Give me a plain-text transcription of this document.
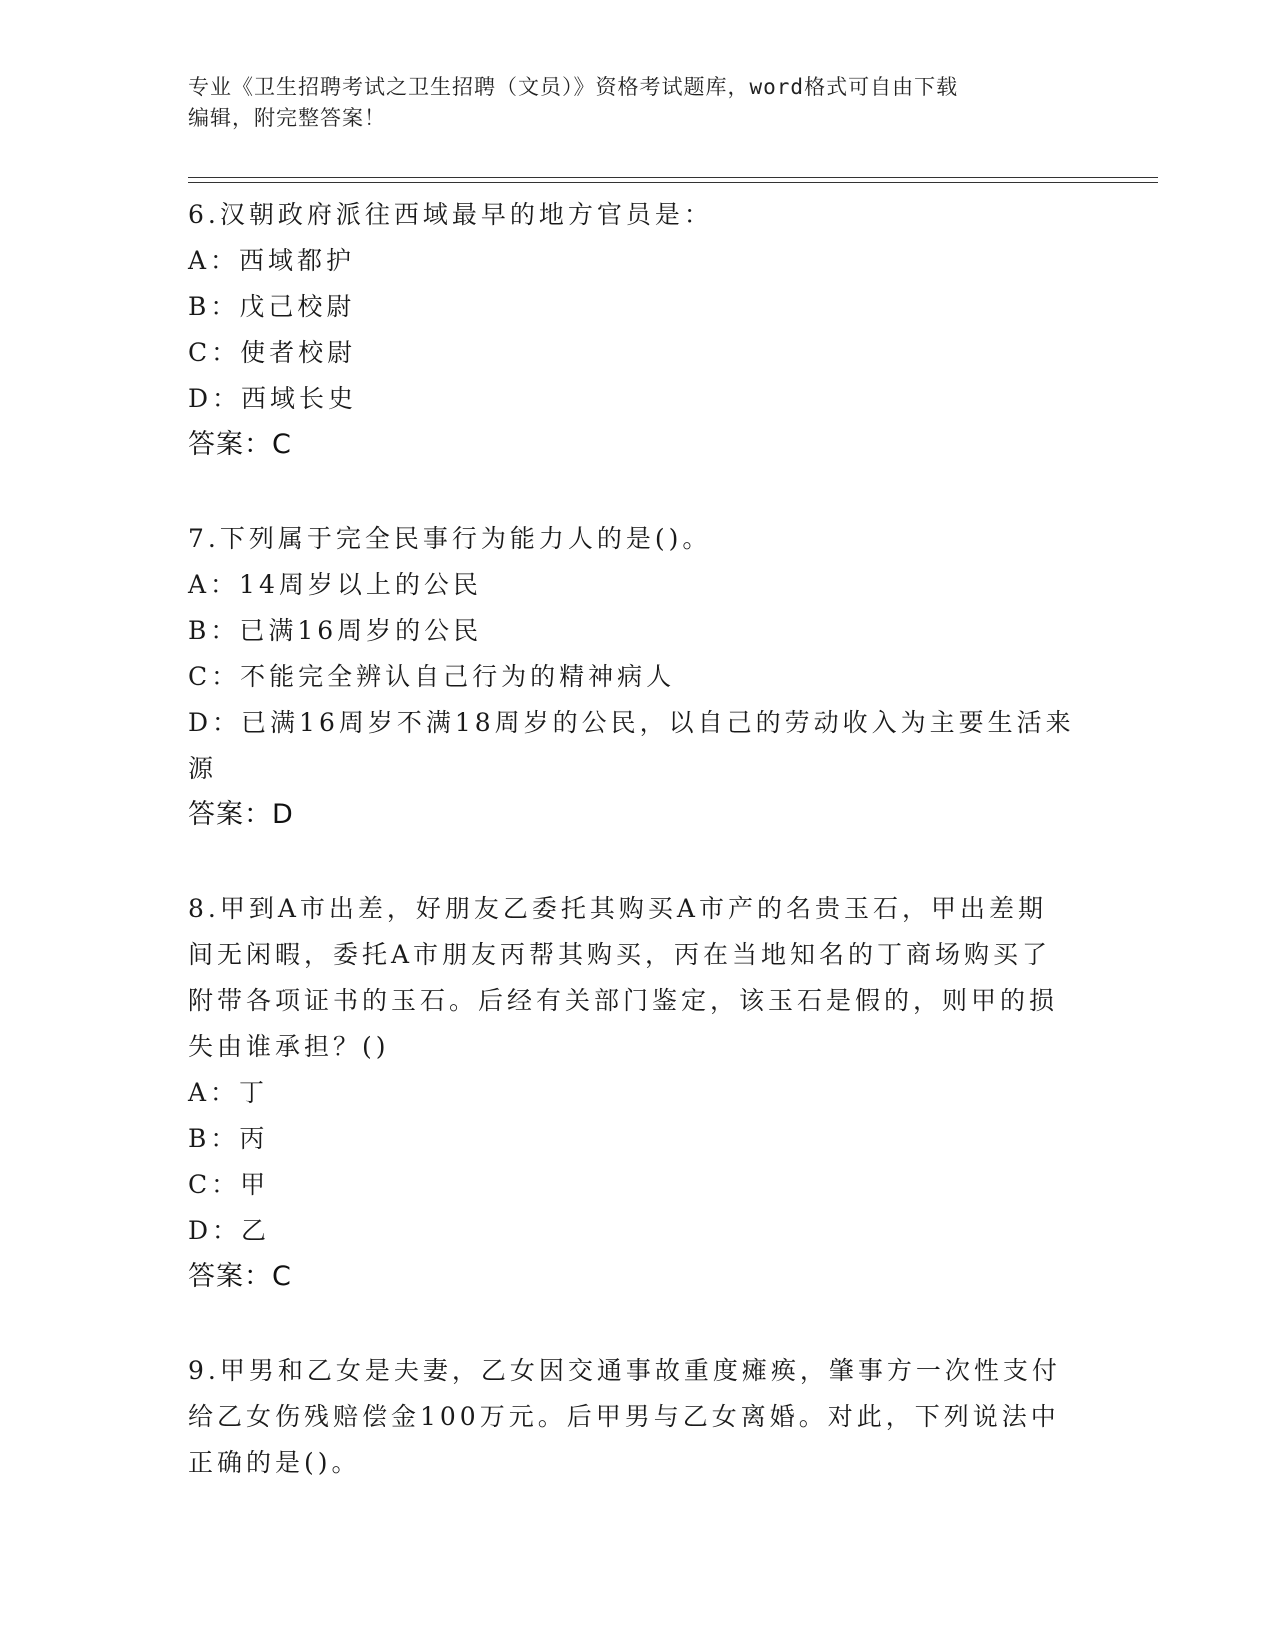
专业《卫生招聘考试之卫生招聘（文员）》资格考试题库，word格式可自由下载
编辑，附完整答案！
6.汉朝政府派往西域最早的地方官员是：
A：西域都护
B：戊己校尉
C：使者校尉
D：西域长史
答案：C
7.下列属于完全民事行为能力人的是()。
A：14周岁以上的公民
B：已满16周岁的公民
C：不能完全辨认自己行为的精神病人
D：已满16周岁不满18周岁的公民，以自己的劳动收入为主要生活来
源
答案：D
8.甲到A市出差，好朋友乙委托其购买A市产的名贵玉石，甲出差期
间无闲暇，委托A市朋友丙帮其购买，丙在当地知名的丁商场购买了
附带各项证书的玉石。后经有关部门鉴定，该玉石是假的，则甲的损
失由谁承担？()
A：丁
B：丙
C：甲
D：乙
答案：C
9.甲男和乙女是夫妻，乙女因交通事故重度瘫痪，肇事方一次性支付
给乙女伤残赔偿金100万元。后甲男与乙女离婚。对此，下列说法中
正确的是()。
